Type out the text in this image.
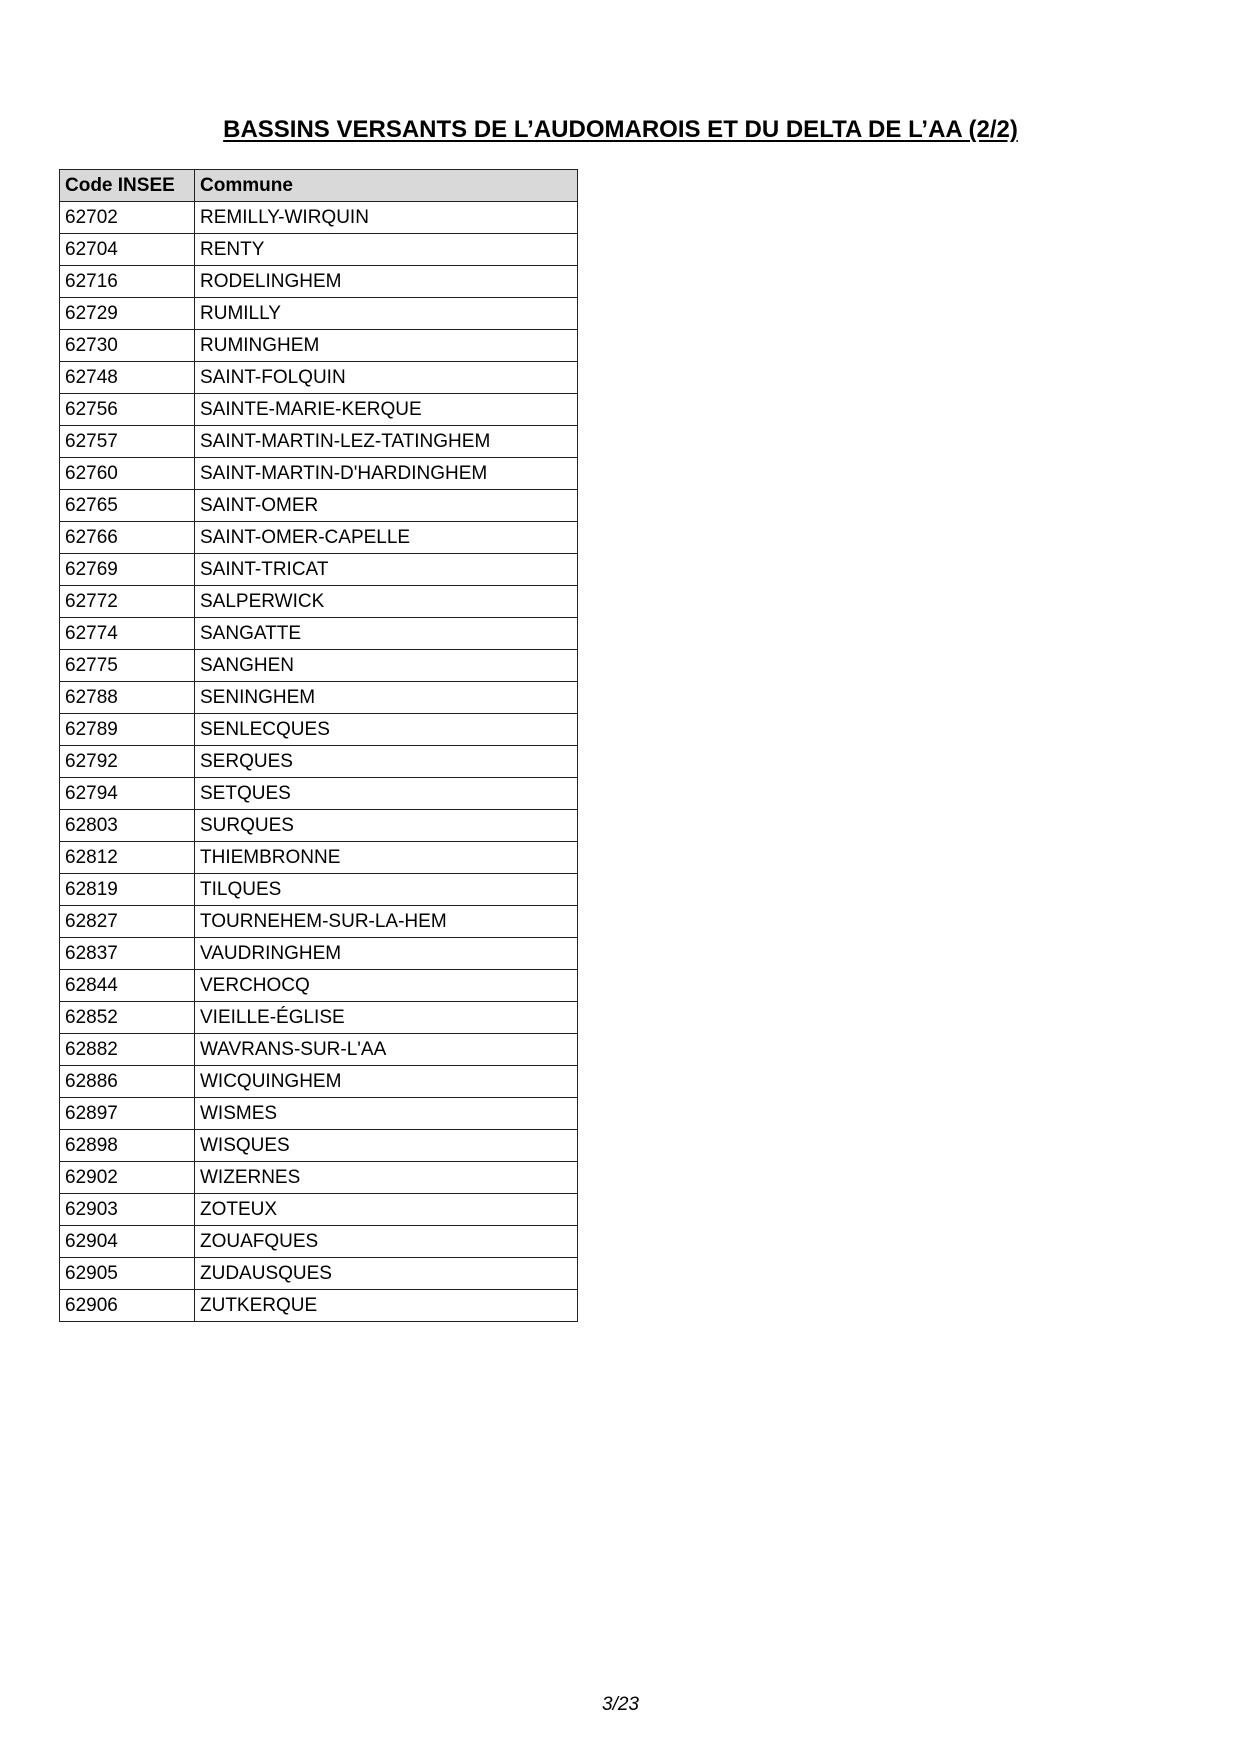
BASSINS VERSANTS DE L’AUDOMAROIS ET DU DELTA DE L’AA (2/2)
Code INSEE	Commune
62702	REMILLY-WIRQUIN
62704	RENTY
62716	RODELINGHEM
62729	RUMILLY
62730	RUMINGHEM
62748	SAINT-FOLQUIN
62756	SAINTE-MARIE-KERQUE
62757	SAINT-MARTIN-LEZ-TATINGHEM
62760	SAINT-MARTIN-D'HARDINGHEM
62765	SAINT-OMER
62766	SAINT-OMER-CAPELLE
62769	SAINT-TRICAT
62772	SALPERWICK
62774	SANGATTE
62775	SANGHEN
62788	SENINGHEM
62789	SENLECQUES
62792	SERQUES
62794	SETQUES
62803	SURQUES
62812	THIEMBRONNE
62819	TILQUES
62827	TOURNEHEM-SUR-LA-HEM
62837	VAUDRINGHEM
62844	VERCHOCQ
62852	VIEILLE-ÉGLISE
62882	WAVRANS-SUR-L'AA
62886	WICQUINGHEM
62897	WISMES
62898	WISQUES
62902	WIZERNES
62903	ZOTEUX
62904	ZOUAFQUES
62905	ZUDAUSQUES
62906	ZUTKERQUE
3/23
